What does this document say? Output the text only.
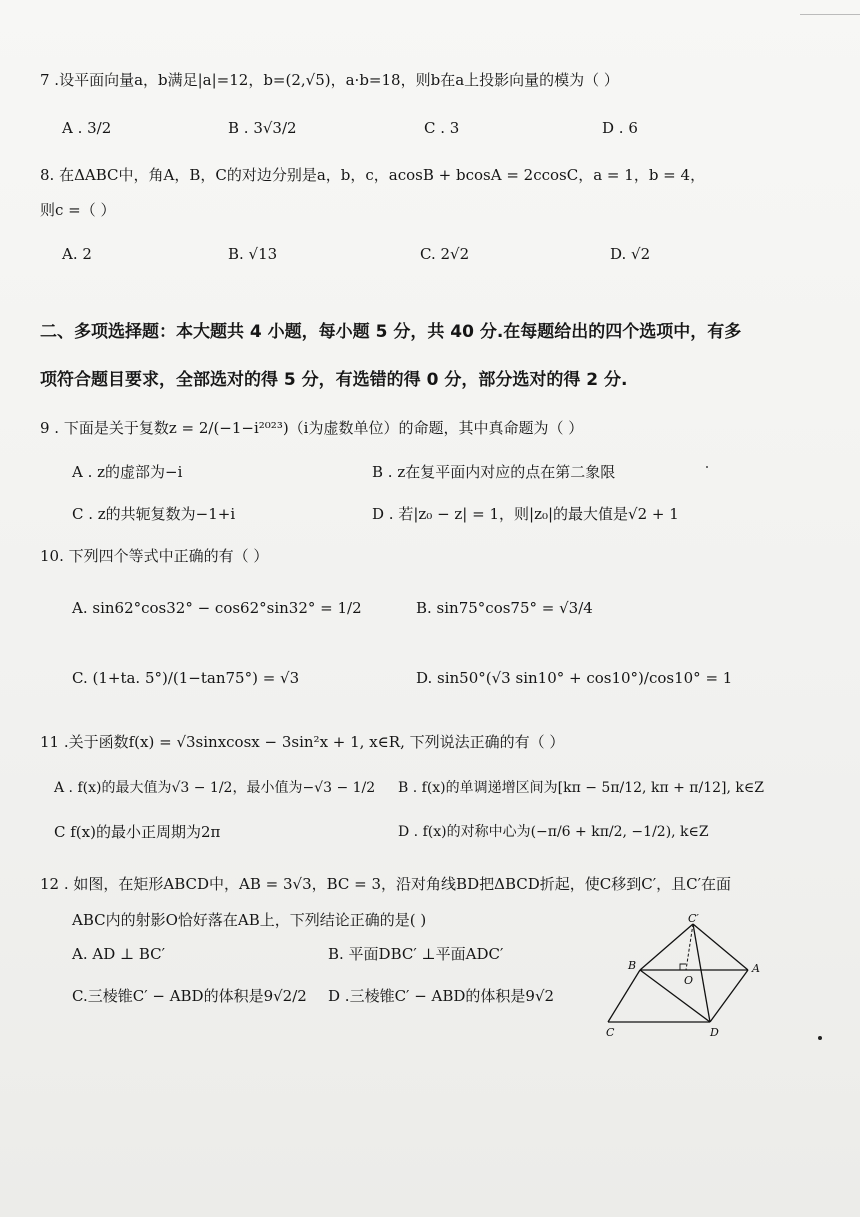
7 .设平面向量a，b满足|a|=12，b=(2,√5)，a·b=18，则b在a上投影向量的模为（ ）
A . 3/2	B . 3√3/2	C . 3	D . 6
8. 在ΔABC中，角A，B，C的对边分别是a，b，c，acosB + bcosA = 2ccosC，a = 1，b = 4，
则c =（ ）
A. 2	B. √13	C. 2√2	D. √2
二、多项选择题：本大题共 4 小题，每小题 5 分，共 40 分.在每题给出的四个选项中，有多
项符合题目要求，全部选对的得 5 分，有选错的得 0 分，部分选对的得 2 分.
9 . 下面是关于复数z = 2/(−1−i²⁰²³)（i为虚数单位）的命题，其中真命题为（ ）
A . z的虚部为−i	B . z在复平面内对应的点在第二象限
C . z的共轭复数为−1+i	D . 若|z₀ − z| = 1，则|z₀|的最大值是√2 + 1
10. 下列四个等式中正确的有（ ）
A. sin62°cos32° − cos62°sin32° = 1/2	B. sin75°cos75° = √3/4
C. (1+ta. 5°)/(1−tan75°) = √3	D. sin50°(√3 sin10° + cos10°)/cos10° = 1
11 .关于函数f(x) = √3sinxcosx − 3sin²x + 1, x∈R, 下列说法正确的有（ ）
A . f(x)的最大值为√3 − 1/2，最小值为−√3 − 1/2 B . f(x)的单调递增区间为[kπ − 5π/12, kπ + π/12], k∈Z
C f(x)的最小正周期为2π	D . f(x)的对称中心为(−π/6 + kπ/2, −1/2), k∈Z
12 . 如图，在矩形ABCD中，AB = 3√3，BC = 3，沿对角线BD把ΔBCD折起，使C移到C′，且C′在面
ABC内的射影O恰好落在AB上，下列结论正确的是( )
A. AD ⊥ BC′	B. 平面DBC′ ⊥平面ADC′
C.三棱锥C′ − ABD的体积是9√2/2 D .三棱锥C′ − ABD的体积是9√2
C′
B
O
A
C	D
